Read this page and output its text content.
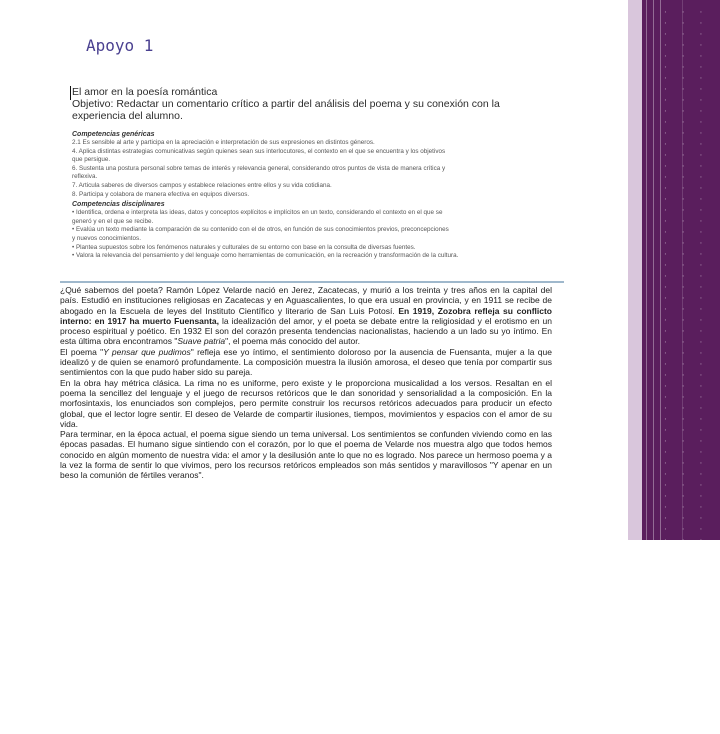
· · · · · · · · · · · · · · · · · · · · · · · · · · · · · · · · · · · · · · · · · · · · · · · · · · · · · · · · · · · · · · · · · · · · · · · · · · · · · · · · · · · · · · · · · · · · · · · · · · · · · · · · · · · · · · · · · · · · · · · · · · · · · · · · · · · · · · · · · · · · · · · · · · · · · · · · · · · · · · · · · · · · · · · · · · · · · · · · · · · · · · · · · · · · · · · · · · · · ·
Apoyo 1

El amor en la poesía romántica

Objetivo: Redactar un comentario crítico a partir del análisis del poema y su conexión con la

experiencia del alumno.

Competencias genéricas

2.1 Es sensible al arte y participa en la apreciación e interpretación de sus expresiones en distintos géneros.

4. Aplica distintas estrategias comunicativas según quienes sean sus interlocutores, el contexto en el que se encuentra y los objetivos

que persigue.

6. Sustenta una postura personal sobre temas de interés y relevancia general, considerando otros puntos de vista de manera crítica y

reflexiva.

7. Articula saberes de diversos campos y establece relaciones entre ellos y su vida cotidiana.

8. Participa y colabora de manera efectiva en equipos diversos.

Competencias disciplinares

• Identifica, ordena e interpreta las ideas, datos y conceptos explícitos e implícitos en un texto, considerando el contexto en el que se

generó y en el que se recibe.

• Evalúa un texto mediante la comparación de su contenido con el de otros, en función de sus conocimientos previos, preconcepciones

y nuevos conocimientos.

• Plantea supuestos sobre los fenómenos naturales y culturales de su entorno con base en la consulta de diversas fuentes.

• Valora la relevancia del pensamiento y del lenguaje como herramientas de comunicación, en la recreación y transformación de la cultura.

¿Qué sabemos del poeta? Ramón López Velarde nació en Jerez, Zacatecas, y murió a los treinta y tres años en la capital del país. Estudió en instituciones religiosas en Zacatecas y en Aguascalientes, lo que era usual en provincia, y en 1911 se recibe de abogado en la Escuela de leyes del Instituto Científico y literario de San Luis Potosí. En 1919, Zozobra refleja su conflicto interno: en 1917 ha muerto Fuensanta, la idealización del amor, y el poeta se debate entre la religiosidad y el erotismo en un proceso espiritual y poético. En 1932 El son del corazón presenta tendencias nacionalistas, haciendo a un lado su yo íntimo. En esta última obra encontramos "Suave patria", el poema más conocido del autor.

El poema "Y pensar que pudimos" refleja ese yo íntimo, el sentimiento doloroso por la ausencia de Fuensanta, mujer a la que idealizó y de quien se enamoró profundamente. La composición muestra la ilusión amorosa, el deseo que tenía por compartir sus sentimientos con la que pudo haber sido su pareja.

En la obra hay métrica clásica. La rima no es uniforme, pero existe y le proporciona musicalidad a los versos. Resaltan en el poema la sencillez del lenguaje y el juego de recursos retóricos que le dan sonoridad y sensorialidad a la composición. En la morfosintaxis, los enunciados son complejos, pero permite construir los recursos retóricos adecuados para producir un efecto global, que el lector logre sentir. El deseo de Velarde de compartir ilusiones, tiempos, movimientos y espacios con el amor de su vida.

Para terminar, en la época actual, el poema sigue siendo un tema universal. Los sentimientos se confunden viviendo como en las épocas pasadas. El humano sigue sintiendo con el corazón, por lo que el poema de Velarde nos muestra algo que todos hemos conocido en algún momento de nuestra vida: el amor y la desilusión ante lo que no es logrado. Nos parece un hermoso poema y a la vez la forma de sentir lo que vivimos, pero los recursos retóricos empleados son más sentidos y maravillosos "Y apenar en un beso la comunión de fértiles veranos".
